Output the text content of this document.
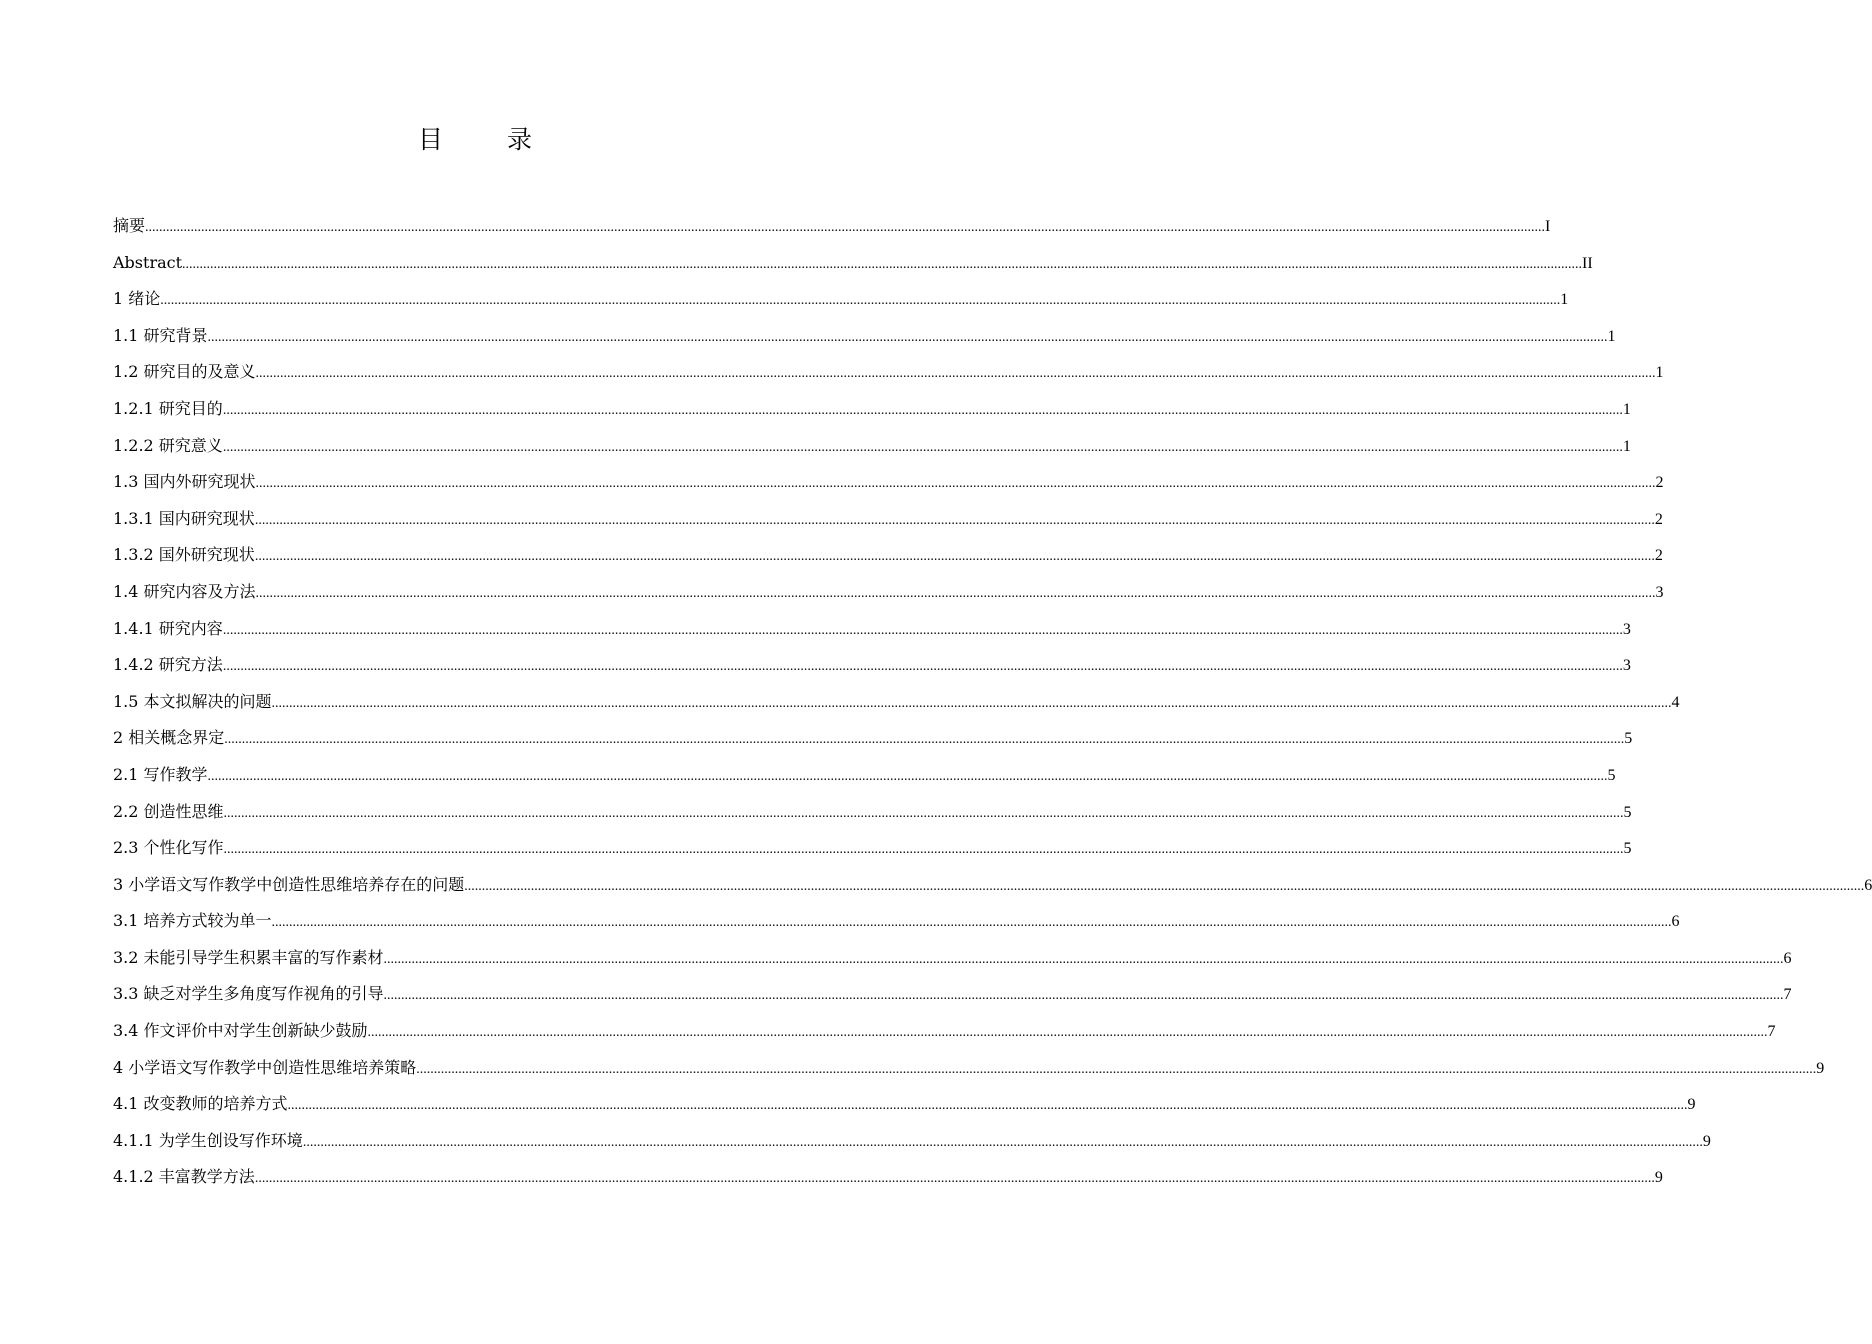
目 录
摘要 ................................................................................................................................................................................................................................................................................................................................................................................................................ I
Abstract ................................................................................................................................................................................................................................................................................................................................................................................................................ II
1 绪论 ................................................................................................................................................................................................................................................................................................................................................................................................................ 1
1.1 研究背景 ................................................................................................................................................................................................................................................................................................................................................................................................................ 1
1.2 研究目的及意义 ................................................................................................................................................................................................................................................................................................................................................................................................................ 1
1.2.1 研究目的 ................................................................................................................................................................................................................................................................................................................................................................................................................ 1
1.2.2 研究意义 ................................................................................................................................................................................................................................................................................................................................................................................................................ 1
1.3 国内外研究现状 ................................................................................................................................................................................................................................................................................................................................................................................................................ 2
1.3.1 国内研究现状 ................................................................................................................................................................................................................................................................................................................................................................................................................ 2
1.3.2 国外研究现状 ................................................................................................................................................................................................................................................................................................................................................................................................................ 2
1.4 研究内容及方法 ................................................................................................................................................................................................................................................................................................................................................................................................................ 3
1.4.1 研究内容 ................................................................................................................................................................................................................................................................................................................................................................................................................ 3
1.4.2 研究方法 ................................................................................................................................................................................................................................................................................................................................................................................................................ 3
1.5 本文拟解决的问题 ................................................................................................................................................................................................................................................................................................................................................................................................................ 4
2 相关概念界定 ................................................................................................................................................................................................................................................................................................................................................................................................................ 5
2.1 写作教学 ................................................................................................................................................................................................................................................................................................................................................................................................................ 5
2.2 创造性思维 ................................................................................................................................................................................................................................................................................................................................................................................................................ 5
2.3 个性化写作 ................................................................................................................................................................................................................................................................................................................................................................................................................ 5
3 小学语文写作教学中创造性思维培养存在的问题 ................................................................................................................................................................................................................................................................................................................................................................................................................ 6
3.1 培养方式较为单一 ................................................................................................................................................................................................................................................................................................................................................................................................................ 6
3.2 未能引导学生积累丰富的写作素材 ................................................................................................................................................................................................................................................................................................................................................................................................................ 6
3.3 缺乏对学生多角度写作视角的引导 ................................................................................................................................................................................................................................................................................................................................................................................................................ 7
3.4 作文评价中对学生创新缺少鼓励 ................................................................................................................................................................................................................................................................................................................................................................................................................ 7
4 小学语文写作教学中创造性思维培养策略 ................................................................................................................................................................................................................................................................................................................................................................................................................ 9
4.1 改变教师的培养方式 ................................................................................................................................................................................................................................................................................................................................................................................................................ 9
4.1.1 为学生创设写作环境 ................................................................................................................................................................................................................................................................................................................................................................................................................ 9
4.1.2 丰富教学方法 ................................................................................................................................................................................................................................................................................................................................................................................................................ 9
